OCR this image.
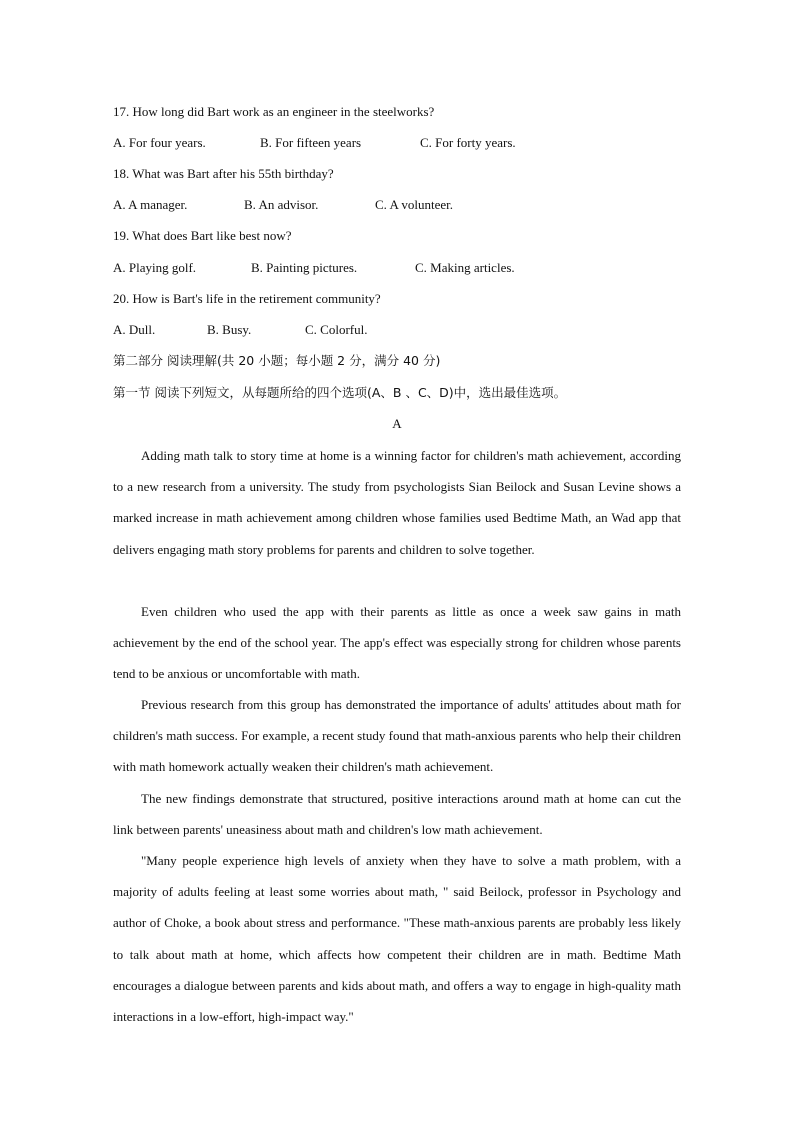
17. How long did Bart work as an engineer in the steelworks?
A. For four years.	B. For fifteen years	C. For forty years.
18. What was Bart after his 55th birthday?
A. A manager.	B. An advisor.	C. A volunteer.
19. What does Bart like best now?
A. Playing golf.	B. Painting pictures.	C. Making articles.
20. How is Bart's life in the retirement community?
A. Dull.	B. Busy.	C. Colorful.
第二部分 阅读理解(共 20 小题；每小题 2 分，满分 40 分)
第一节 阅读下列短文，从每题所给的四个选项(A、B 、C、D)中，选出最佳选项。
A

Adding math talk to story time at home is a winning factor for children's math achievement, according to a new research from a university. The study from psychologists Sian Beilock and Susan Levine shows a marked increase in math achievement among children whose families used Bedtime Math, an Wad app that delivers engaging math story problems for parents and children to solve together.

Even children who used the app with their parents as little as once a week saw gains in math achievement by the end of the school year. The app's effect was especially strong for children whose parents tend to be anxious or uncomfortable with math.

Previous research from this group has demonstrated the importance of adults' attitudes about math for children's math success. For example, a recent study found that math-anxious parents who help their children with math homework actually weaken their children's math achievement.

The new findings demonstrate that structured, positive interactions around math at home can cut the link between parents' uneasiness about math and children's low math achievement.

"Many people experience high levels of anxiety when they have to solve a math problem, with a majority of adults feeling at least some worries about math, " said Beilock, professor in Psychology and author of Choke, a book about stress and performance. "These math-anxious parents are probably less likely to talk about math at home, which affects how competent their children are in math. Bedtime Math encourages a dialogue between parents and kids about math, and offers a way to engage in high-quality math interactions in a low-effort, high-impact way."
